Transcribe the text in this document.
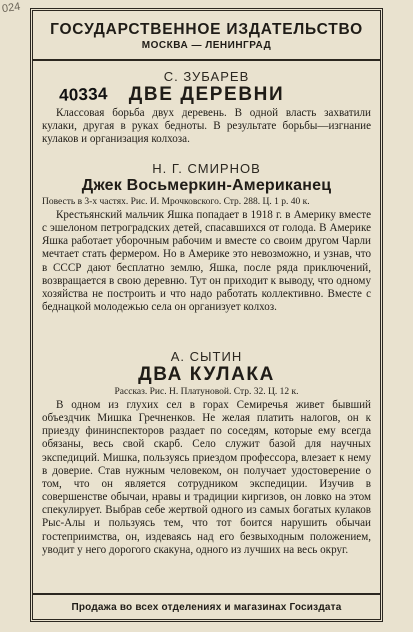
024
ГОСУДАРСТВЕННОЕ ИЗДАТЕЛЬСТВО
МОСКВА — ЛЕНИНГРАД
40334
С. ЗУБАРЕВ
ДВЕ ДЕРЕВНИ

Классовая борьба двух деревень. В одной власть захватили кулаки, другая в руках бедноты. В результате борьбы—изгнание кулаков и организация колхоза.

Н. Г. СМИРНОВ
Джек Восьмеркин-Американец
Повесть в 3-х частях. Рис. И. Мрочковского. Стр. 288. Ц. 1 р. 40 к.

Крестьянский мальчик Яшка попадает в 1918 г. в Америку вместе с эшелоном петроградских детей, спасавшихся от голода. В Америке Яшка работает уборочным рабочим и вместе со своим другом Чарли мечтает стать фермером. Но в Америке это невозможно, и узнав, что в СССР дают бесплатно землю, Яшка, после ряда приключений, возвращается в свою деревню. Тут он приходит к выводу, что одному хозяйства не построить и что надо работать коллективно. Вместе с беднацкой молодежью села он организует колхоз.

А. СЫТИН
ДВА КУЛАКА
Рассказ. Рис. Н. Платуновой. Стр. 32. Ц. 12 к.

В одном из глухих сел в горах Семиречья живет бывший объездчик Мишка Гречненков. Не желая платить налогов, он к приезду фининспекторов раздает по соседям, которые ему всегда обязаны, весь свой скарб. Село служит базой для научных экспедиций. Мишка, пользуясь приездом профессора, влезает к нему в доверие. Став нужным человеком, он получает удостоверение о том, что он является сотрудником экспедиции. Изучив в совершенстве обычаи, нравы и традиции киргизов, он ловко на этом спекулирует. Выбрав себе жертвой одного из самых богатых кулаков Рыс-Алы и пользуясь тем, что тот боится нарушить обычаи гостеприимства, он, издеваясь над его безвыходным положением, уводит у него дорогого скакуна, одного из лучших на весь округ.

Продажа во всех отделениях и магазинах Госиздата
